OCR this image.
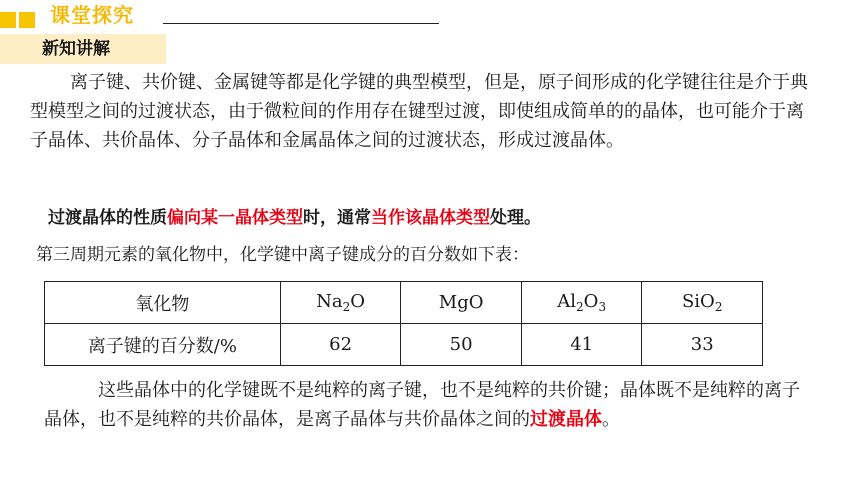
课堂探究
新知讲解

离子键、共价键、金属键等都是化学键的典型模型，但是，原子间形成的化学键往往是介于典型模型之间的过渡状态，由于微粒间的作用存在键型过渡，即使组成简单的的晶体，也可能介于离子晶体、共价晶体、分子晶体和金属晶体之间的过渡状态，形成过渡晶体。

过渡晶体的性质偏向某一晶体类型时，通常当作该晶体类型处理。

第三周期元素的氧化物中，化学键中离子键成分的百分数如下表：

氧化物	$Na_2O$	MgO	$Al_2O_3$	SiO$_2$
离子键的百分数/%	62	50	41	33

这些晶体中的化学键既不是纯粹的离子键，也不是纯粹的共价键；晶体既不是纯粹的离子晶体，也不是纯粹的共价晶体，是离子晶体与共价晶体之间的过渡晶体。
